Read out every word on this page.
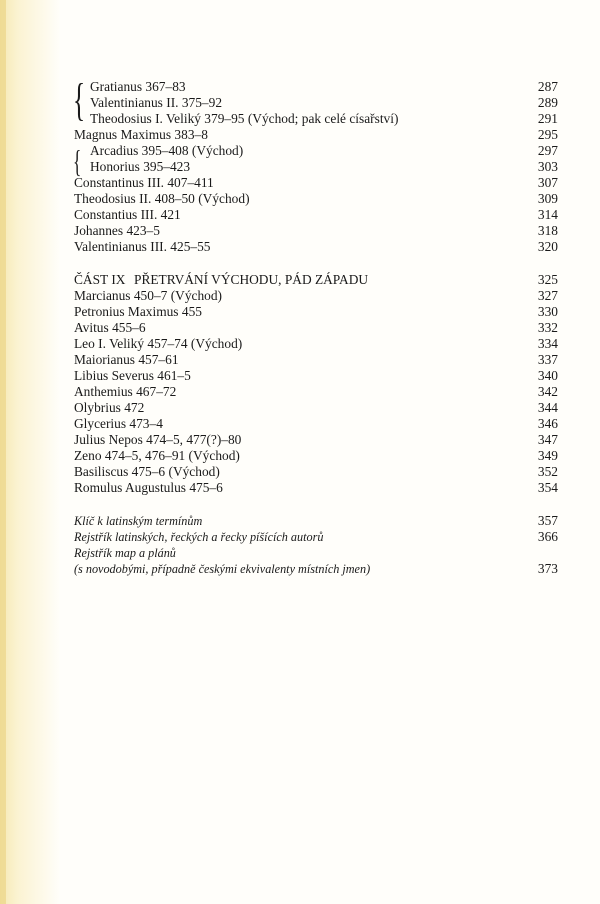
{ Gratianus 367–83	287
Valentinianus II. 375–92	289
Theodosius I. Veliký 379–95 (Východ; pak celé císařství)	291
Magnus Maximus 383–8	295
{ Arcadius 395–408 (Východ)	297
Honorius 395–423	303
Constantinus III. 407–411	307
Theodosius II. 408–50 (Východ)	309
Constantius III. 421	314
Johannes 423–5	318
Valentinianus III. 425–55	320
ČÁST IX PŘETRVÁNÍ VÝCHODU, PÁD ZÁPADU	325
Marcianus 450–7 (Východ)	327
Petronius Maximus 455	330
Avitus 455–6	332
Leo I. Veliký 457–74 (Východ)	334
Maiorianus 457–61	337
Libius Severus 461–5	340
Anthemius 467–72	342
Olybrius 472	344
Glycerius 473–4	346
Julius Nepos 474–5, 477(?)–80	347
Zeno 474–5, 476–91 (Východ)	349
Basiliscus 475–6 (Východ)	352
Romulus Augustulus 475–6	354
Klíč k latinským termínům	357
Rejstřík latinských, řeckých a řecky píšících autorů	366
Rejstřík map a plánů
(s novodobými, případně českými ekvivalenty místních jmen)	373
